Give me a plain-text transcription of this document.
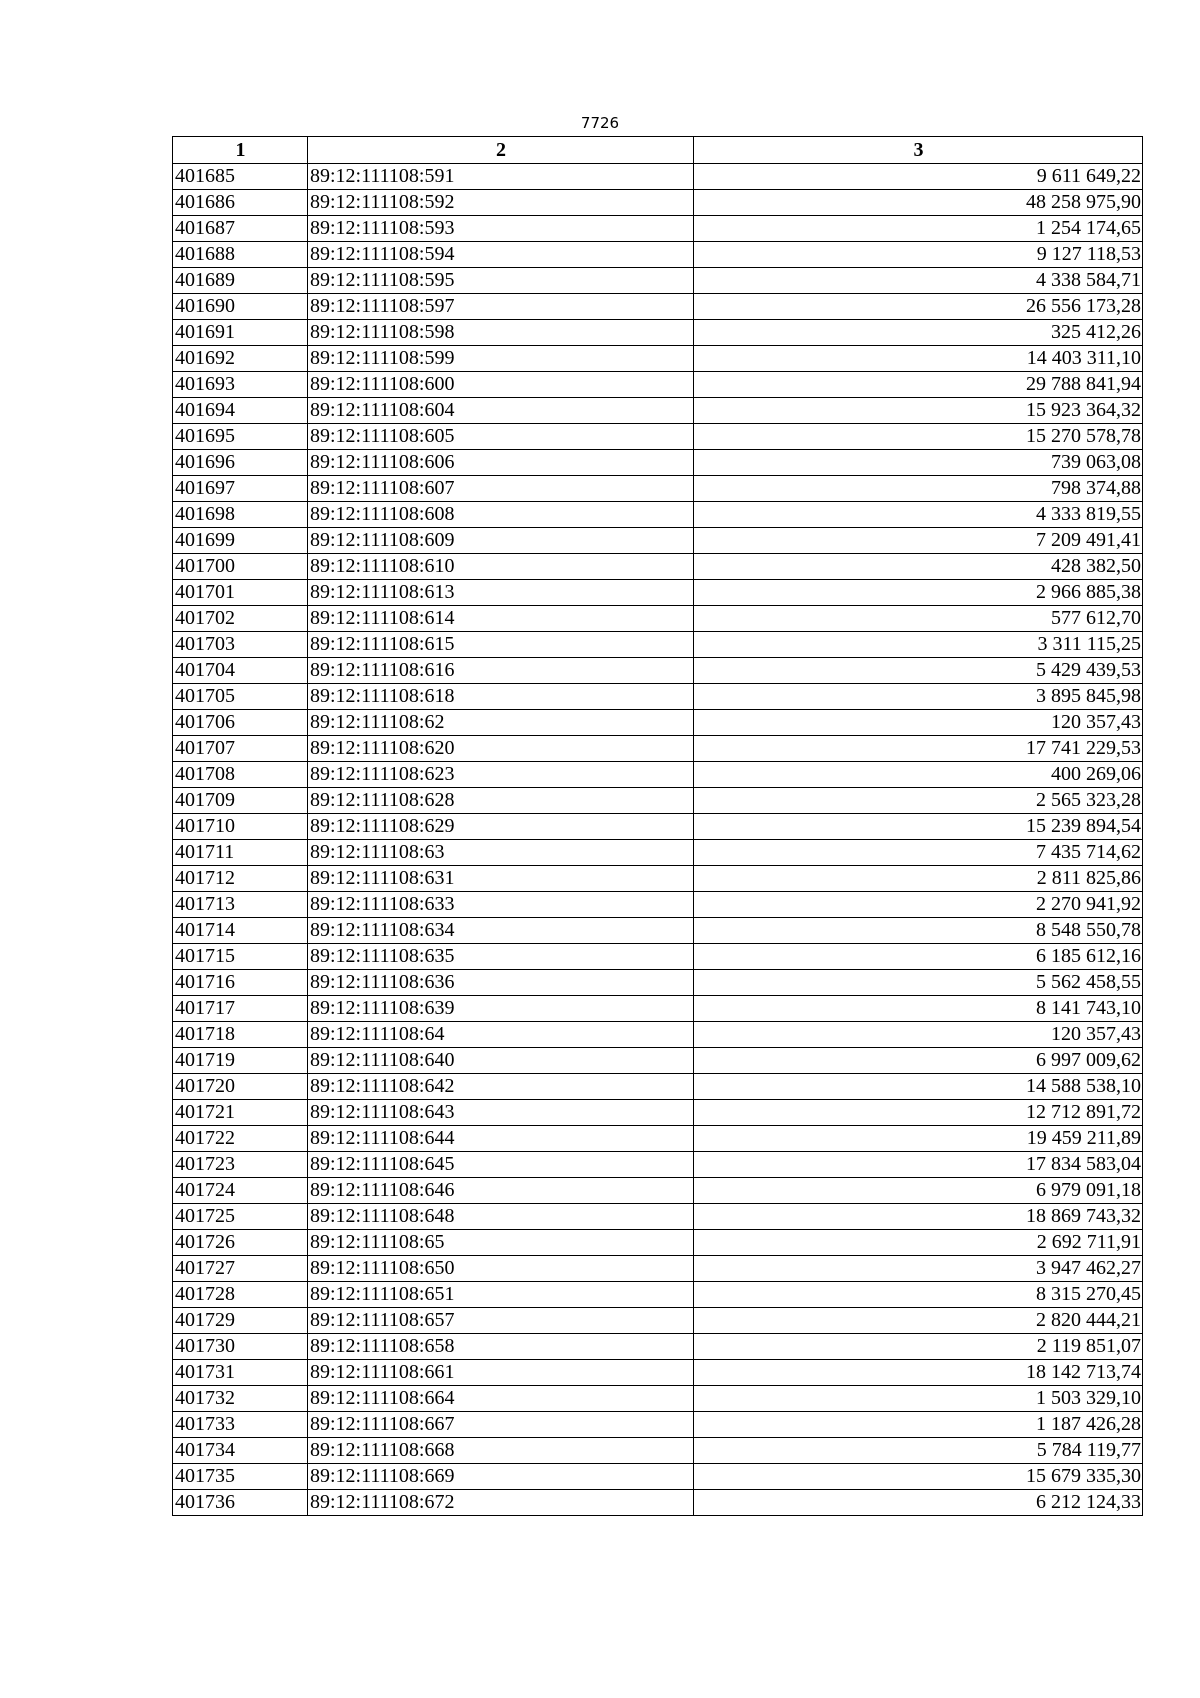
7726
1	2	3
401685	89:12:111108:591	9 611 649,22
401686	89:12:111108:592	48 258 975,90
401687	89:12:111108:593	1 254 174,65
401688	89:12:111108:594	9 127 118,53
401689	89:12:111108:595	4 338 584,71
401690	89:12:111108:597	26 556 173,28
401691	89:12:111108:598	325 412,26
401692	89:12:111108:599	14 403 311,10
401693	89:12:111108:600	29 788 841,94
401694	89:12:111108:604	15 923 364,32
401695	89:12:111108:605	15 270 578,78
401696	89:12:111108:606	739 063,08
401697	89:12:111108:607	798 374,88
401698	89:12:111108:608	4 333 819,55
401699	89:12:111108:609	7 209 491,41
401700	89:12:111108:610	428 382,50
401701	89:12:111108:613	2 966 885,38
401702	89:12:111108:614	577 612,70
401703	89:12:111108:615	3 311 115,25
401704	89:12:111108:616	5 429 439,53
401705	89:12:111108:618	3 895 845,98
401706	89:12:111108:62	120 357,43
401707	89:12:111108:620	17 741 229,53
401708	89:12:111108:623	400 269,06
401709	89:12:111108:628	2 565 323,28
401710	89:12:111108:629	15 239 894,54
401711	89:12:111108:63	7 435 714,62
401712	89:12:111108:631	2 811 825,86
401713	89:12:111108:633	2 270 941,92
401714	89:12:111108:634	8 548 550,78
401715	89:12:111108:635	6 185 612,16
401716	89:12:111108:636	5 562 458,55
401717	89:12:111108:639	8 141 743,10
401718	89:12:111108:64	120 357,43
401719	89:12:111108:640	6 997 009,62
401720	89:12:111108:642	14 588 538,10
401721	89:12:111108:643	12 712 891,72
401722	89:12:111108:644	19 459 211,89
401723	89:12:111108:645	17 834 583,04
401724	89:12:111108:646	6 979 091,18
401725	89:12:111108:648	18 869 743,32
401726	89:12:111108:65	2 692 711,91
401727	89:12:111108:650	3 947 462,27
401728	89:12:111108:651	8 315 270,45
401729	89:12:111108:657	2 820 444,21
401730	89:12:111108:658	2 119 851,07
401731	89:12:111108:661	18 142 713,74
401732	89:12:111108:664	1 503 329,10
401733	89:12:111108:667	1 187 426,28
401734	89:12:111108:668	5 784 119,77
401735	89:12:111108:669	15 679 335,30
401736	89:12:111108:672	6 212 124,33
